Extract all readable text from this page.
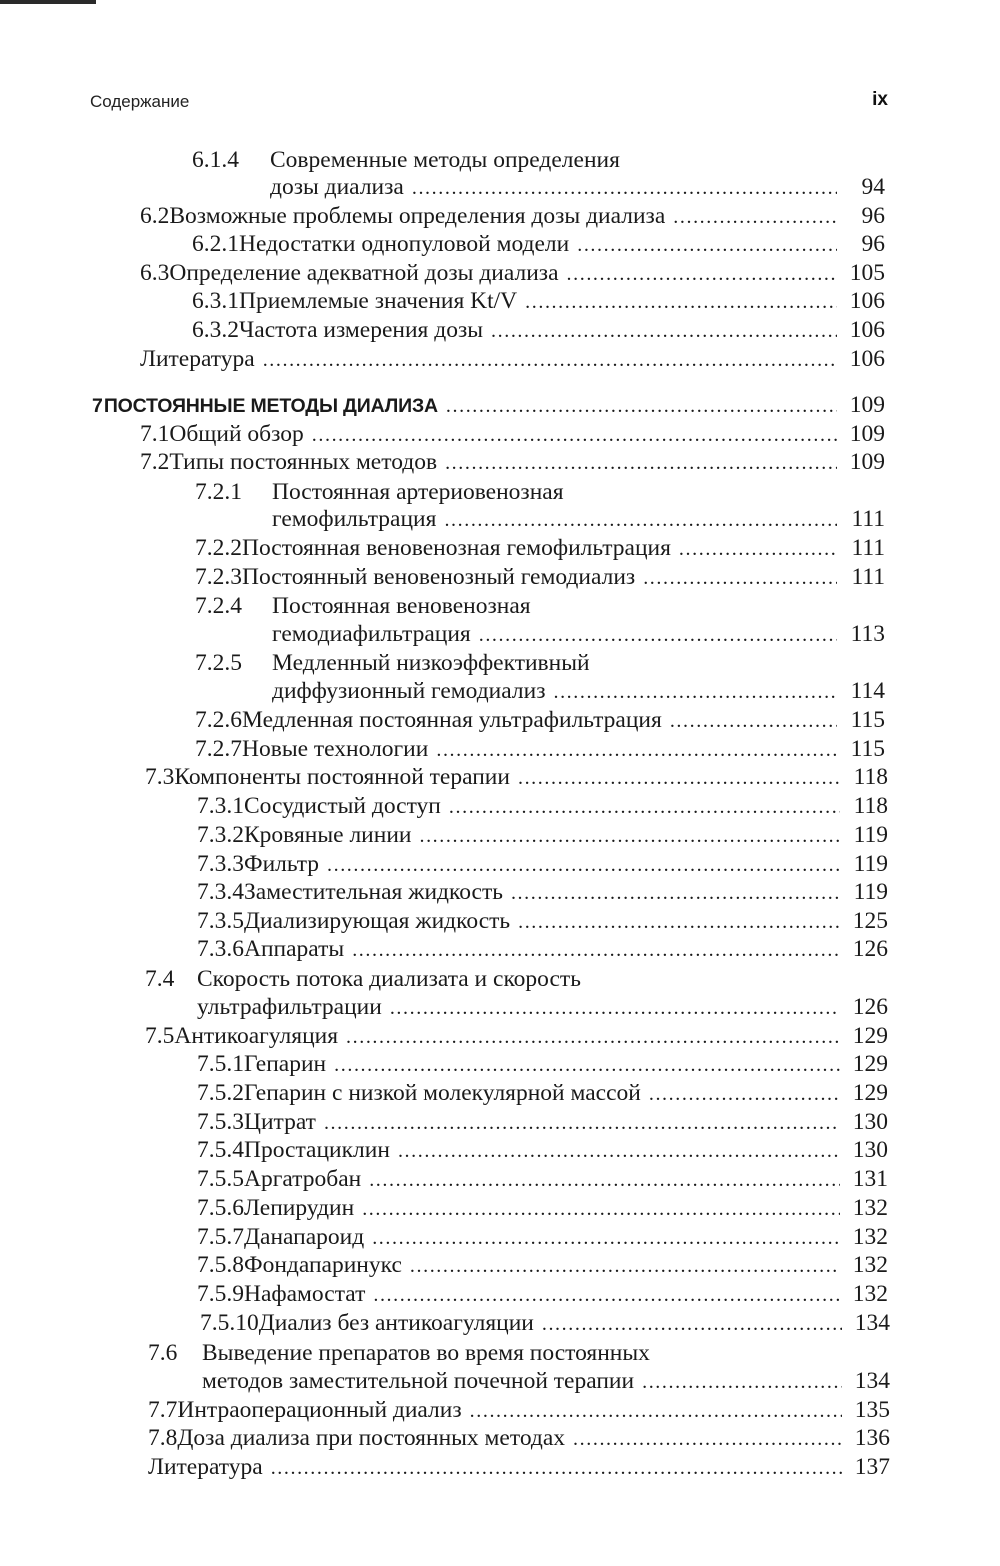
Содержание	ix
6.1.4	Современные методы определения
дозы диализа .....	94
6.2 Возможные проблемы определения дозы диализа .....	96
6.2.1 Недостатки однопуловой модели .....	96
6.3 Определение адекватной дозы диализа .....	105
6.3.1 Приемлемые значения Kt/V .....	106
6.3.2 Частота измерения дозы .....	106
Литература .....	106
7 ПОСТОЯННЫЕ МЕТОДЫ ДИАЛИЗА .....	109
7.1 Общий обзор .....	109
7.2 Типы постоянных методов .....	109
7.2.1	Постоянная артериовенозная
гемофильтрация .....	111
7.2.2 Постоянная веновенозная гемофильтрация .....	111
7.2.3 Постоянный веновенозный гемодиализ .....	111
7.2.4	Постоянная веновенозная
гемодиафильтрация .....	113
7.2.5	Медленный низкоэффективный
диффузионный гемодиализ .....	114
7.2.6 Медленная постоянная ультрафильтрация .....	115
7.2.7 Новые технологии .....	115
7.3 Компоненты постоянной терапии .....	118
7.3.1 Сосудистый доступ .....	118
7.3.2 Кровяные линии .....	119
7.3.3 Фильтр .....	119
7.3.4 Заместительная жидкость .....	119
7.3.5 Диализирующая жидкость .....	125
7.3.6 Аппараты .....	126
7.4 Скорость потока диализата и скорость
ультрафильтрации .....	126
7.5 Антикоагуляция .....	129
7.5.1 Гепарин .....	129
7.5.2 Гепарин с низкой молекулярной массой .....	129
7.5.3 Цитрат .....	130
7.5.4 Простациклин .....	130
7.5.5 Аргатробан .....	131
7.5.6 Лепирудин .....	132
7.5.7 Данапароид .....	132
7.5.8 Фондапаринукс .....	132
7.5.9 Нафамостат .....	132
7.5.10 Диализ без антикоагуляции .....	134
7.6	Выведение препаратов во время постоянных
методов заместительной почечной терапии .....	134
7.7 Интраоперационный диализ .....	135
7.8 Доза диализа при постоянных методах .....	136
Литература .....	137
